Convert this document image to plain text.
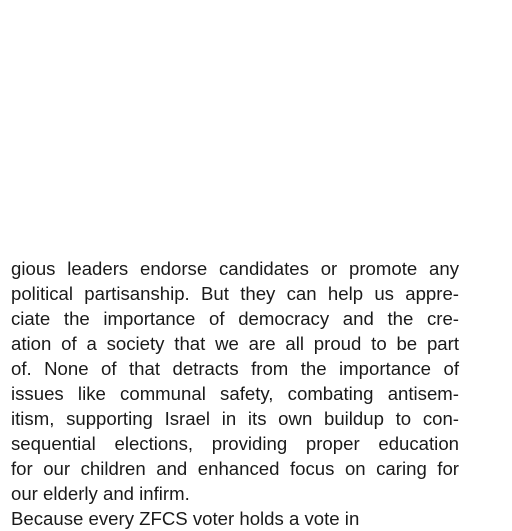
gious leaders endorse candidates or promote any
political partisanship. But they can help us appre-
ciate the importance of democracy and the cre-
ation of a society that we are all proud to be part
of. None of that detracts from the importance of
issues like communal safety, combating antisem-
itism, supporting Israel in its own buildup to con-
sequential elections, providing proper education
for our children and enhanced focus on caring for
our elderly and infirm.
Because every ZFCS voter holds a vote in
